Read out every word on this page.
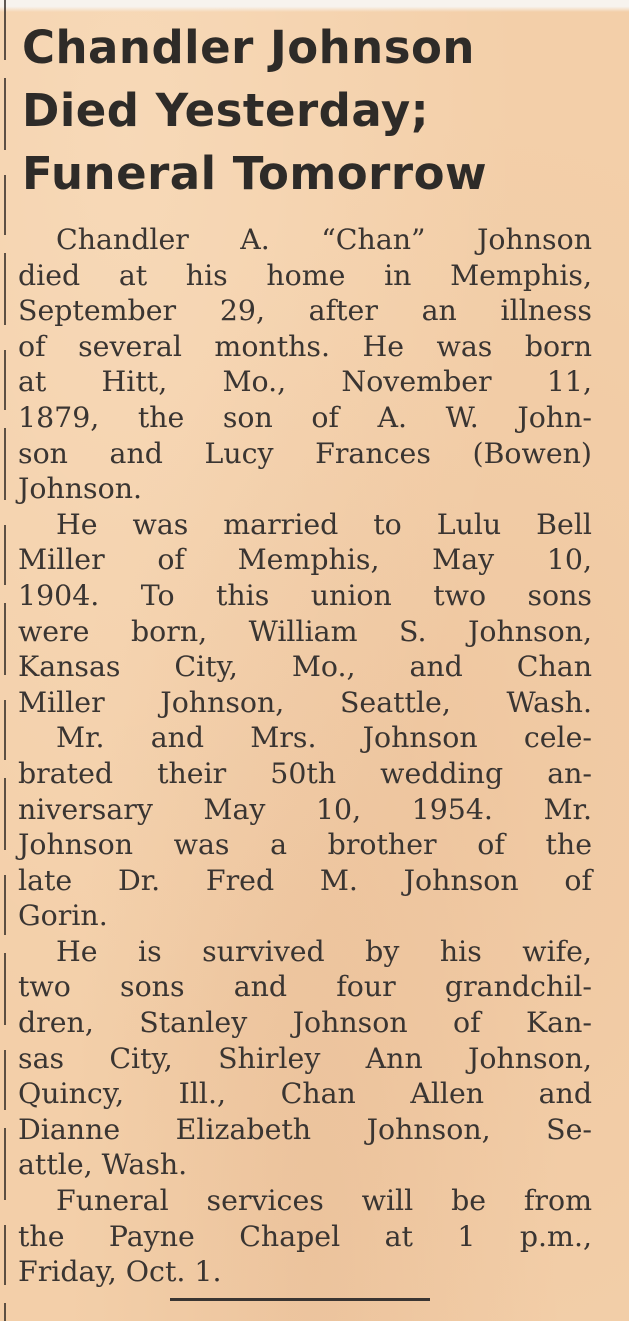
Chandler Johnson
Died Yesterday;
Funeral Tomorrow
Chandler A. “Chan” Johnson
died at his home in Memphis,
September 29, after an illness
of several months. He was born
at Hitt, Mo., November 11,
1879, the son of A. W. John-
son and Lucy Frances (Bowen)
Johnson.
He was married to Lulu Bell
Miller of Memphis, May 10,
1904. To this union two sons
were born, William S. Johnson,
Kansas City, Mo., and Chan
Miller Johnson, Seattle, Wash.
Mr. and Mrs. Johnson cele-
brated their 50th wedding an-
niversary May 10, 1954. Mr.
Johnson was a brother of the
late Dr. Fred M. Johnson of
Gorin.
He is survived by his wife,
two sons and four grandchil-
dren, Stanley Johnson of Kan-
sas City, Shirley Ann Johnson,
Quincy, Ill., Chan Allen and
Dianne Elizabeth Johnson, Se-
attle, Wash.
Funeral services will be from
the Payne Chapel at 1 p.m.,
Friday, Oct. 1.
